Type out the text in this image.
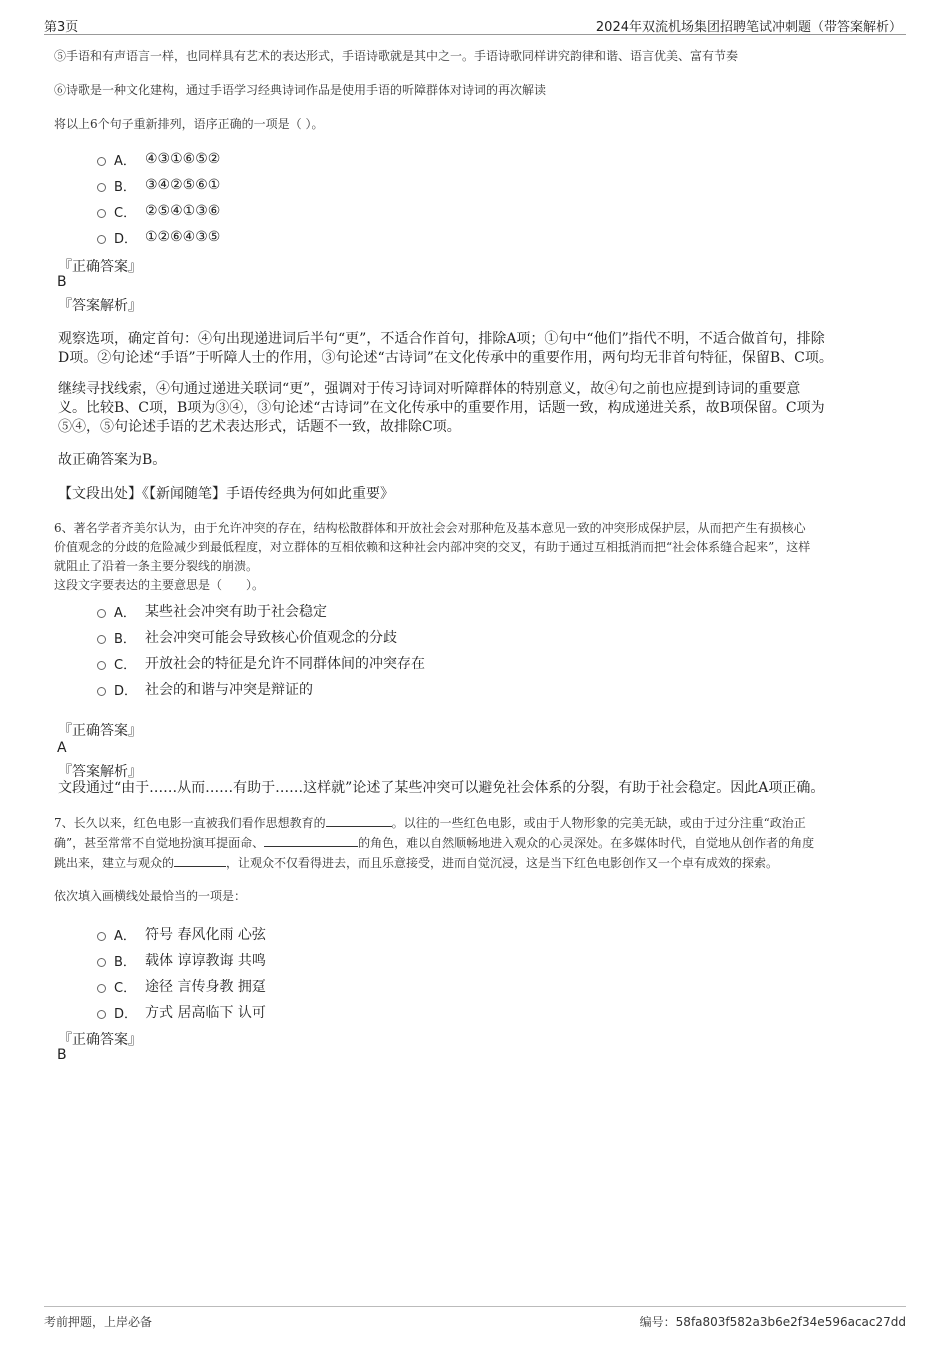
第3页	2024年双流机场集团招聘笔试冲刺题（带答案解析）
⑤手语和有声语言一样，也同样具有艺术的表达形式，手语诗歌就是其中之一。手语诗歌同样讲究韵律和谐、语言优美、富有节奏
⑥诗歌是一种文化建构，通过手语学习经典诗词作品是使用手语的听障群体对诗词的再次解读
将以上6个句子重新排列，语序正确的一项是（ ）。
A． ④③①⑥⑤②
B． ③④②⑤⑥①
C． ②⑤④①③⑥
D． ①②⑥④③⑤
『正确答案』
B
『答案解析』
观察选项，确定首句：④句出现递进词后半句“更”，不适合作首句，排除A项；①句中“他们”指代不明，不适合做首句，排除
D项。②句论述“手语”于听障人士的作用，③句论述“古诗词”在文化传承中的重要作用，两句均无非首句特征，保留B、C项。
继续寻找线索，④句通过递进关联词“更”，强调对于传习诗词对听障群体的特别意义，故④句之前也应提到诗词的重要意
义。比较B、C项，B项为③④，③句论述“古诗词”在文化传承中的重要作用，话题一致，构成递进关系，故B项保留。C项为
⑤④，⑤句论述手语的艺术表达形式，话题不一致，故排除C项。
故正确答案为B。
【文段出处】《【新闻随笔】手语传经典为何如此重要》
6、著名学者齐美尔认为，由于允许冲突的存在，结构松散群体和开放社会会对那种危及基本意见一致的冲突形成保护层，从而把产生有损核心
价值观念的分歧的危险减少到最低程度，对立群体的互相依赖和这种社会内部冲突的交叉，有助于通过互相抵消而把“社会体系缝合起来”，这样
就阻止了沿着一条主要分裂线的崩溃。
这段文字要表达的主要意思是（　　）。
A． 某些社会冲突有助于社会稳定
B． 社会冲突可能会导致核心价值观念的分歧
C． 开放社会的特征是允许不同群体间的冲突存在
D． 社会的和谐与冲突是辩证的
『正确答案』
A
『答案解析』
文段通过“由于……从而……有助于……这样就”论述了某些冲突可以避免社会体系的分裂，有助于社会稳定。因此A项正确。
7、长久以来，红色电影一直被我们看作思想教育的	。以往的一些红色电影，或由于人物形象的完美无缺，或由于过分注重“政治正
确”，甚至常常不自觉地扮演耳提面命、	的角色，难以自然顺畅地进入观众的心灵深处。在多媒体时代，自觉地从创作者的角度
跳出来，建立与观众的	，让观众不仅看得进去，而且乐意接受，进而自觉沉浸，这是当下红色电影创作又一个卓有成效的探索。
依次填入画横线处最恰当的一项是：
A． 符号 春风化雨 心弦
B． 载体 谆谆教诲 共鸣
C． 途径 言传身教 拥趸
D． 方式 居高临下 认可
『正确答案』
B
考前押题，上岸必备	编号：58fa803f582a3b6e2f34e596acac27dd
